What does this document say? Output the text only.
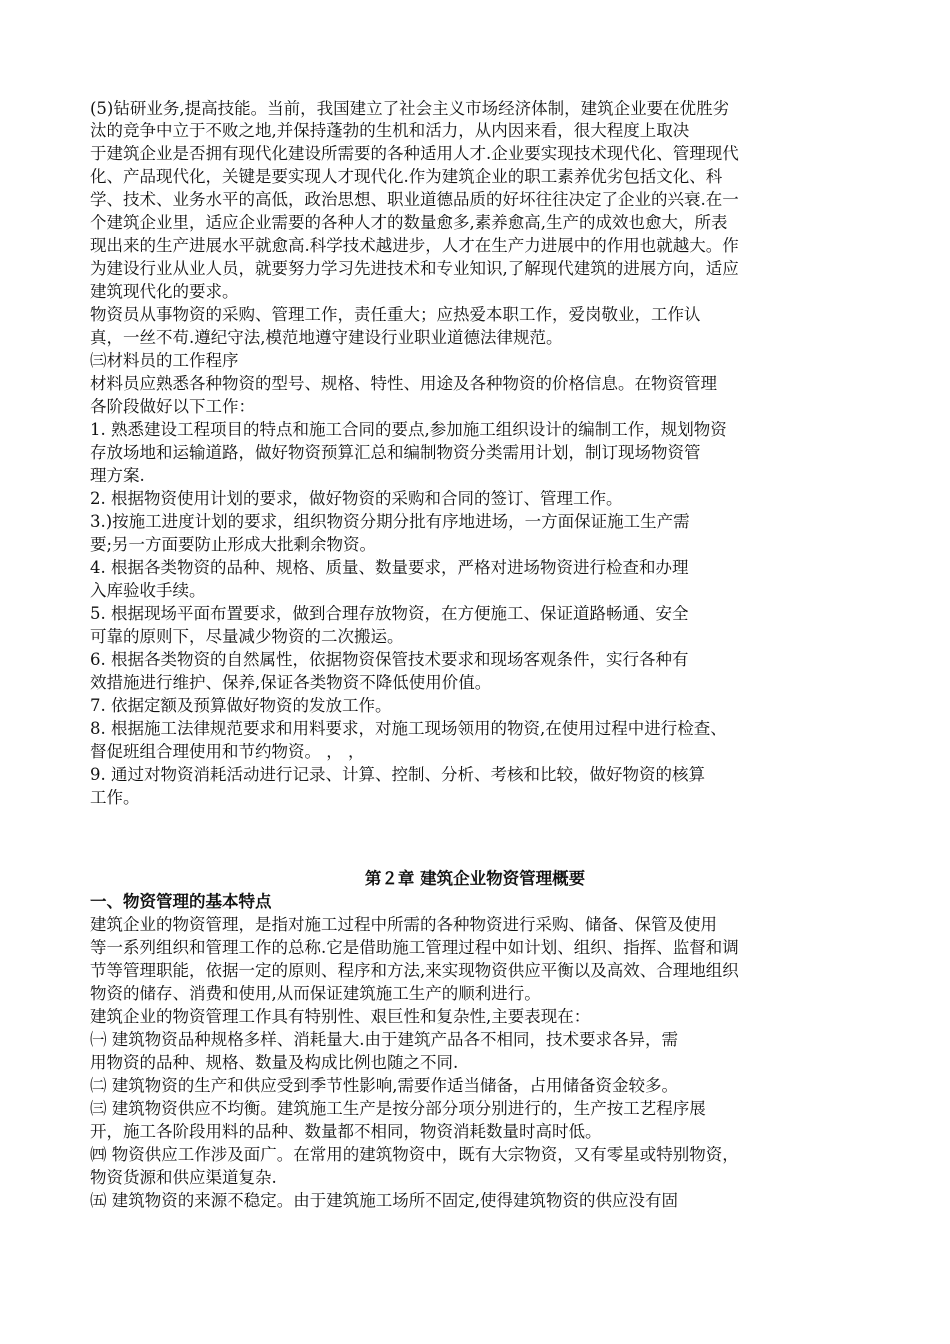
(5)钻研业务,提高技能。当前，我国建立了社会主义市场经济体制，建筑企业要在优胜劣
汰的竞争中立于不败之地,并保持蓬勃的生机和活力，从内因来看，很大程度上取决
于建筑企业是否拥有现代化建设所需要的各种适用人才.企业要实现技术现代化、管理现代
化、产品现代化，关键是要实现人才现代化.作为建筑企业的职工素养优劣包括文化、科
学、技术、业务水平的高低，政治思想、职业道德品质的好坏往往决定了企业的兴衰.在一
个建筑企业里，适应企业需要的各种人才的数量愈多,素养愈高,生产的成效也愈大，所表
现出来的生产进展水平就愈高.科学技术越进步，人才在生产力进展中的作用也就越大。作
为建设行业从业人员，就要努力学习先进技术和专业知识,了解现代建筑的进展方向，适应
建筑现代化的要求。
物资员从事物资的采购、管理工作，责任重大；应热爱本职工作，爱岗敬业，工作认
真，一丝不苟.遵纪守法,模范地遵守建设行业职业道德法律规范。
㈢材料员的工作程序
材料员应熟悉各种物资的型号、规格、特性、用途及各种物资的价格信息。在物资管理
各阶段做好以下工作：
1. 熟悉建设工程项目的特点和施工合同的要点,参加施工组织设计的编制工作，规划物资
存放场地和运输道路，做好物资预算汇总和编制物资分类需用计划，制订现场物资管
理方案.
2. 根据物资使用计划的要求，做好物资的采购和合同的签订、管理工作。
3.)按施工进度计划的要求，组织物资分期分批有序地进场，一方面保证施工生产需
要;另一方面要防止形成大批剩余物资。
4. 根据各类物资的品种、规格、质量、数量要求，严格对进场物资进行检查和办理
入库验收手续。
5. 根据现场平面布置要求，做到合理存放物资，在方便施工、保证道路畅通、安全
可靠的原则下，尽量减少物资的二次搬运。
6. 根据各类物资的自然属性，依据物资保管技术要求和现场客观条件，实行各种有
效措施进行维护、保养,保证各类物资不降低使用价值。
7. 依据定额及预算做好物资的发放工作。
8. 根据施工法律规范要求和用料要求，对施工现场领用的物资,在使用过程中进行检查、
督促班组合理使用和节约物资。 ， ，
9. 通过对物资消耗活动进行记录、计算、控制、分析、考核和比较，做好物资的核算
工作。
第２章 建筑企业物资管理概要
一、物资管理的基本特点
建筑企业的物资管理，是指对施工过程中所需的各种物资进行采购、储备、保管及使用
等一系列组织和管理工作的总称.它是借助施工管理过程中如计划、组织、指挥、监督和调
节等管理职能，依据一定的原则、程序和方法,来实现物资供应平衡以及高效、合理地组织
物资的储存、消费和使用,从而保证建筑施工生产的顺利进行。
建筑企业的物资管理工作具有特别性、艰巨性和复杂性,主要表现在：
㈠ 建筑物资品种规格多样、消耗量大.由于建筑产品各不相同，技术要求各异，需
用物资的品种、规格、数量及构成比例也随之不同.
㈡ 建筑物资的生产和供应受到季节性影响,需要作适当储备，占用储备资金较多。
㈢ 建筑物资供应不均衡。建筑施工生产是按分部分项分别进行的，生产按工艺程序展
开，施工各阶段用料的品种、数量都不相同，物资消耗数量时高时低。
㈣ 物资供应工作涉及面广。在常用的建筑物资中，既有大宗物资，又有零星或特别物资，
物资货源和供应渠道复杂.
㈤ 建筑物资的来源不稳定。由于建筑施工场所不固定,使得建筑物资的供应没有固
